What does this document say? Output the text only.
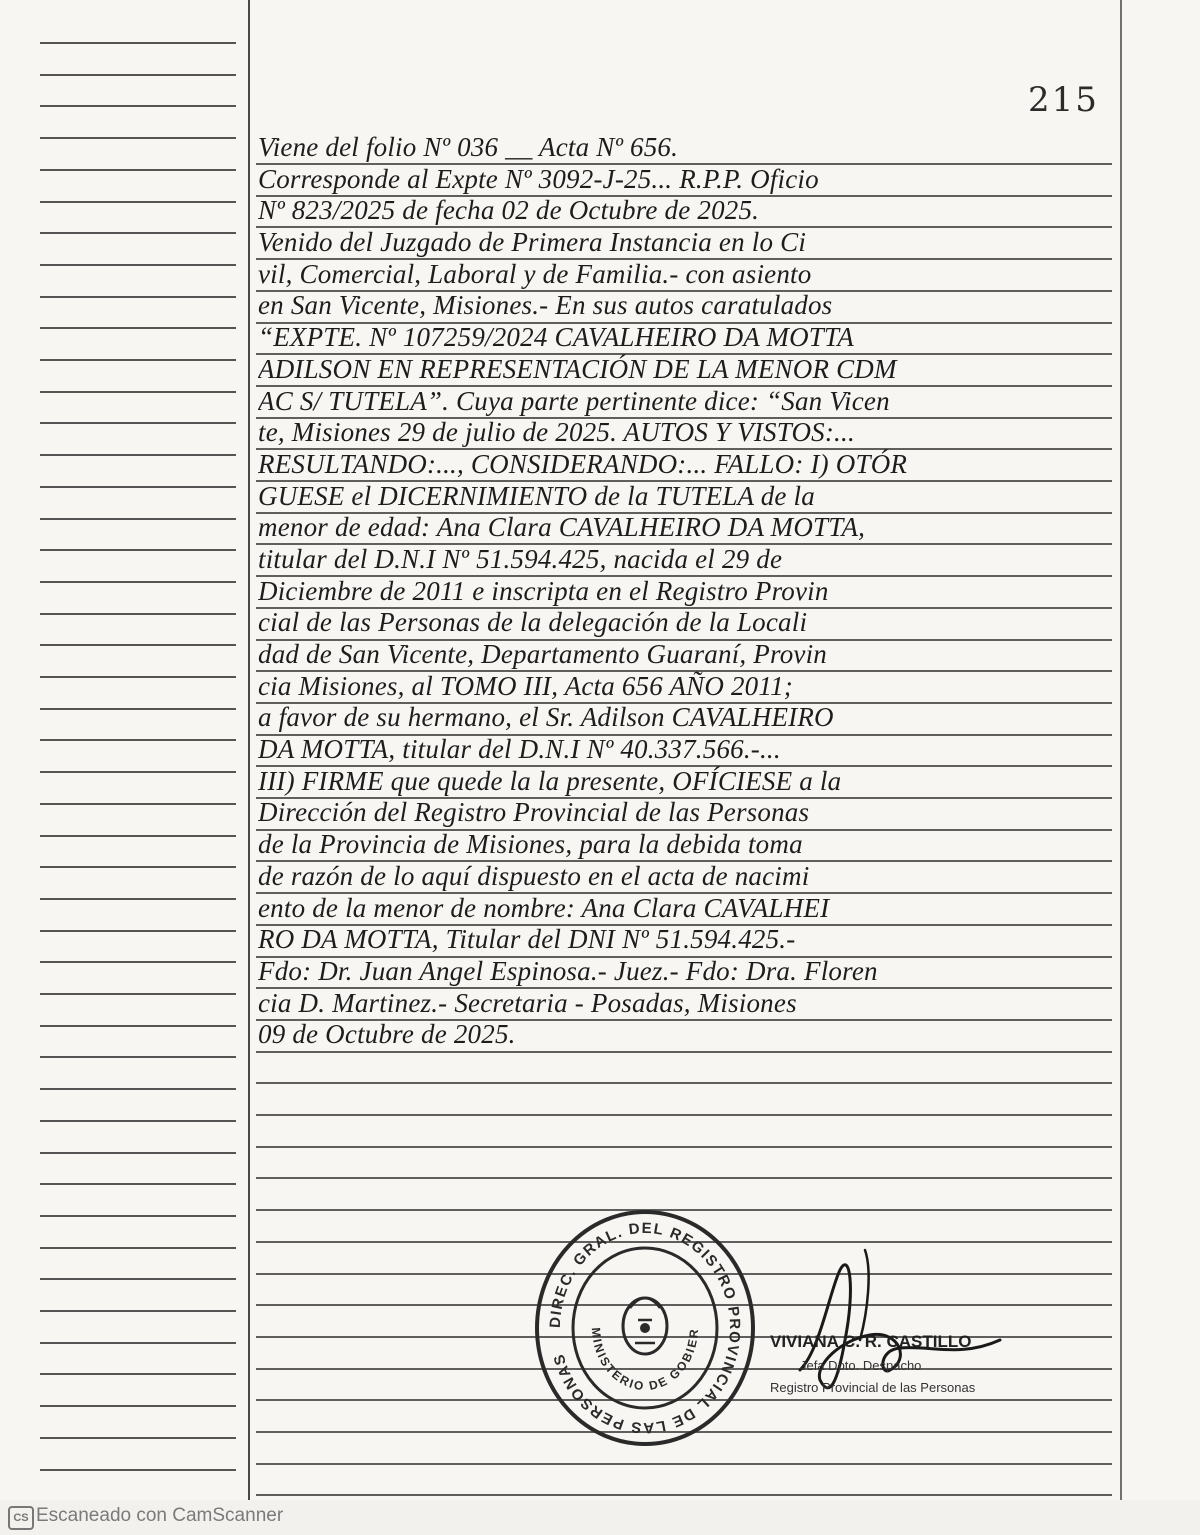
215
Viene del folio Nº 036 __ Acta Nº 656.
Corresponde al Expte Nº 3092-J-25... R.P.P. Oficio
Nº 823/2025 de fecha 02 de Octubre de 2025.
Venido del Juzgado de Primera Instancia en lo Ci
vil, Comercial, Laboral y de Familia.- con asiento
en San Vicente, Misiones.- En sus autos caratulados
“EXPTE. Nº 107259/2024 CAVALHEIRO DA MOTTA
ADILSON EN REPRESENTACIÓN DE LA MENOR CDM
AC S/ TUTELA”. Cuya parte pertinente dice: “San Vicen
te, Misiones 29 de julio de 2025. AUTOS Y VISTOS:...
RESULTANDO:..., CONSIDERANDO:... FALLO: I) OTÓR
GUESE el DICERNIMIENTO de la TUTELA de la
menor de edad: Ana Clara CAVALHEIRO DA MOTTA,
titular del D.N.I Nº 51.594.425, nacida el 29 de
Diciembre de 2011 e inscripta en el Registro Provin
cial de las Personas de la delegación de la Locali
dad de San Vicente, Departamento Guaraní, Provin
cia Misiones, al TOMO III, Acta 656 AÑO 2011;
a favor de su hermano, el Sr. Adilson CAVALHEIRO
DA MOTTA, titular del D.N.I Nº 40.337.566.-...
III) FIRME que quede la la presente, OFÍCIESE a la
Dirección del Registro Provincial de las Personas
de la Provincia de Misiones, para la debida toma
de razón de lo aquí dispuesto en el acta de nacimi
ento de la menor de nombre: Ana Clara CAVALHEI
RO DA MOTTA, Titular del DNI Nº 51.594.425.-
Fdo: Dr. Juan Angel Espinosa.- Juez.- Fdo: Dra. Floren
cia D. Martinez.- Secretaria - Posadas, Misiones
09 de Octubre de 2025.
DIREC. GRAL. DEL REGISTRO PROVINCIAL DE LAS PERSONAS
MINISTERIO DE GOBIER	VIVIANA C. R. CASTILLO
Jefa Dpto. Despacho
Registro Provincial de las Personas
CS Escaneado con CamScanner
